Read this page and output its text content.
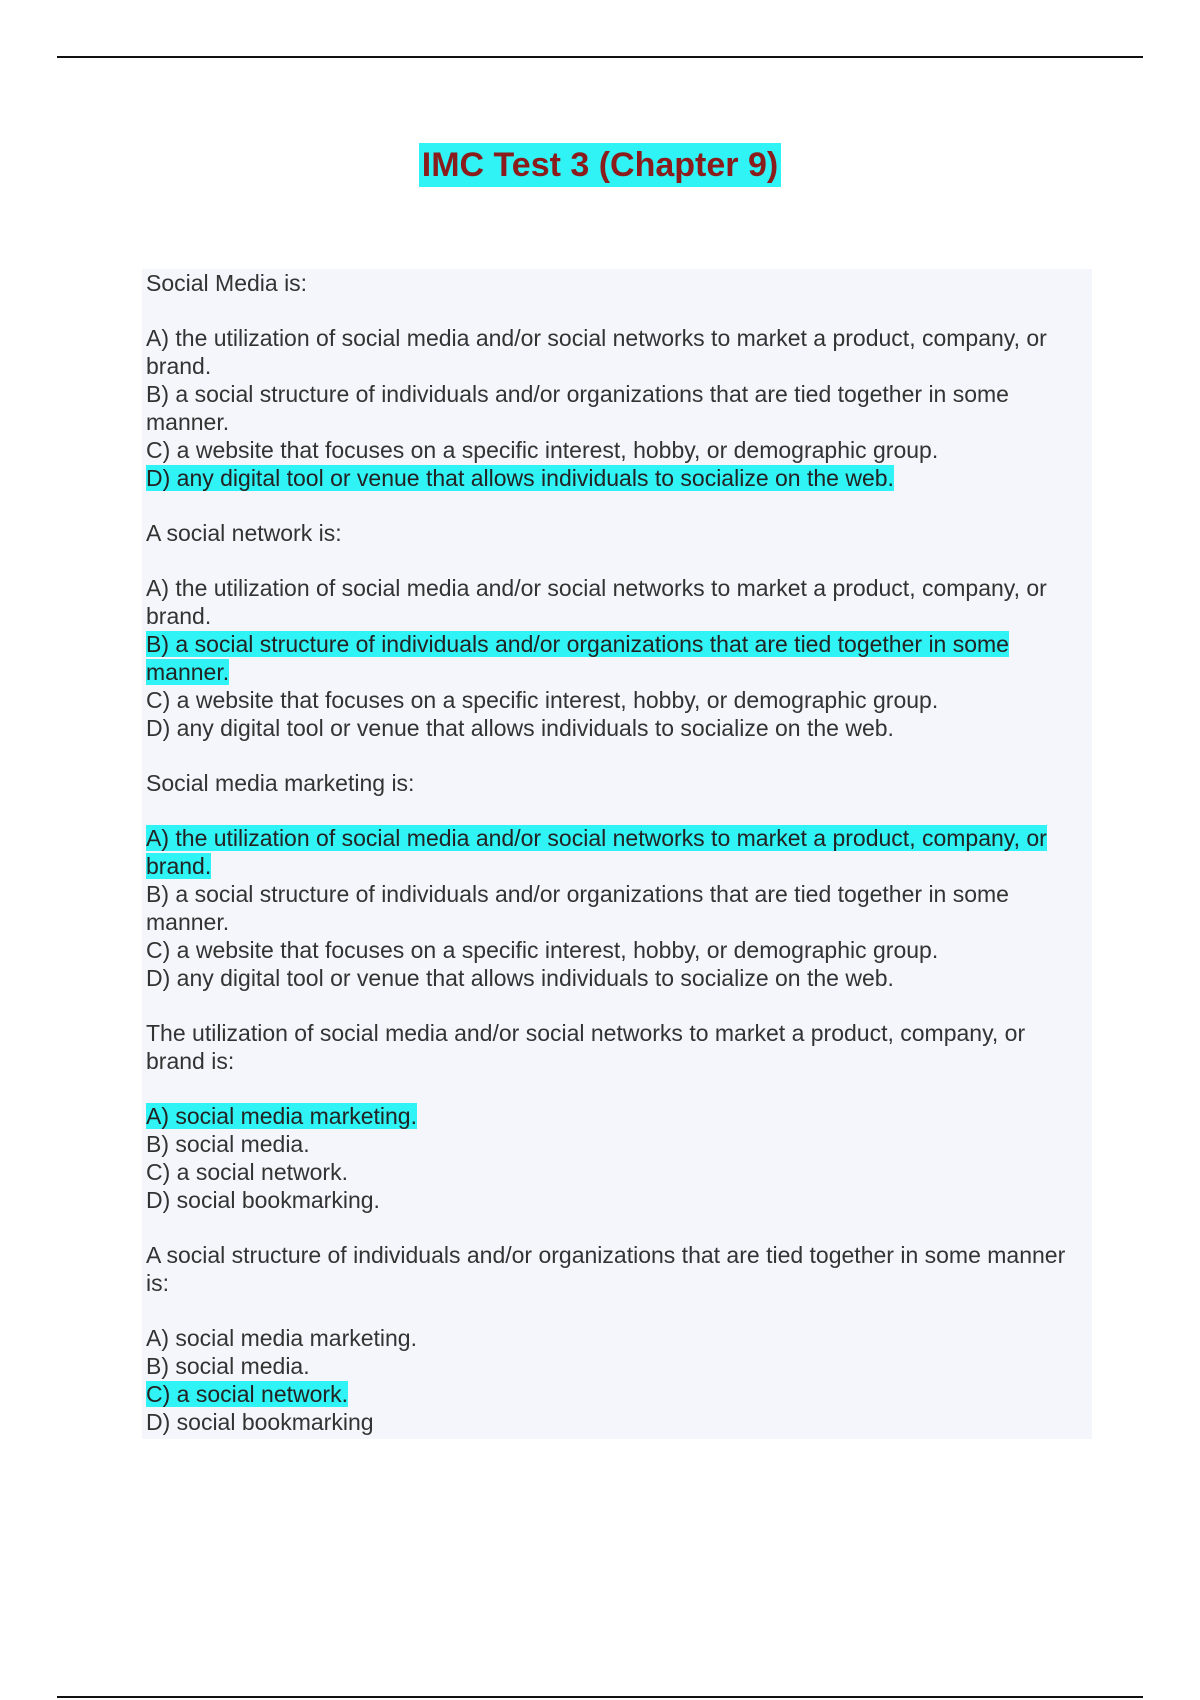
IMC Test 3 (Chapter 9)

Social Media is:

A) the utilization of social media and/or social networks to market a product, company, or brand.
B) a social structure of individuals and/or organizations that are tied together in some manner.
C) a website that focuses on a specific interest, hobby, or demographic group.
D) any digital tool or venue that allows individuals to socialize on the web.

A social network is:

A) the utilization of social media and/or social networks to market a product, company, or brand.
B) a social structure of individuals and/or organizations that are tied together in some manner.
C) a website that focuses on a specific interest, hobby, or demographic group.
D) any digital tool or venue that allows individuals to socialize on the web.

Social media marketing is:

A) the utilization of social media and/or social networks to market a product, company, or brand.
B) a social structure of individuals and/or organizations that are tied together in some manner.
C) a website that focuses on a specific interest, hobby, or demographic group.
D) any digital tool or venue that allows individuals to socialize on the web.

The utilization of social media and/or social networks to market a product, company, or brand is:

A) social media marketing.
B) social media.
C) a social network.
D) social bookmarking.

A social structure of individuals and/or organizations that are tied together in some manner is:

A) social media marketing.
B) social media.
C) a social network.
D) social bookmarking
